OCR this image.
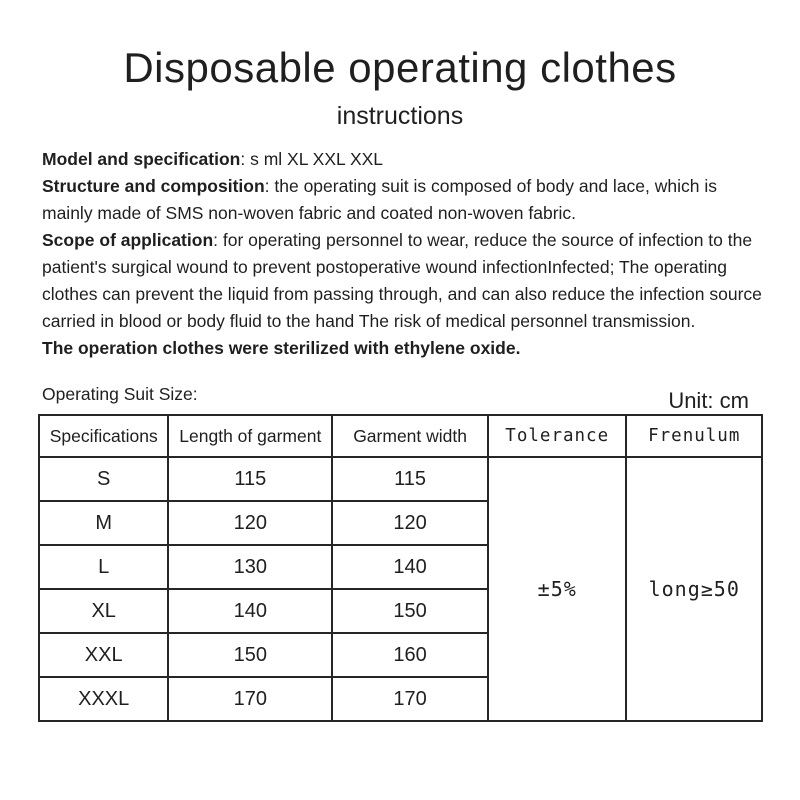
Disposable operating clothes
instructions

Model and specification: s ml XL XXL XXL

Structure and composition: the operating suit is composed of body and lace, which is mainly made of SMS non-woven fabric and coated non-woven fabric.

Scope of application: for operating personnel to wear, reduce the source of infection to the patient's surgical wound to prevent postoperative wound infectionInfected; The operating clothes can prevent the liquid from passing through, and can also reduce the infection source carried in blood or body fluid to the hand The risk of medical personnel transmission.

The operation clothes were sterilized with ethylene oxide.

Operating Suit Size:	Unit: cm
Specifications	Length of garment	Garment width	Tolerance	Frenulum
S	115	115	±5%	long≥50
M	120	120		
L	130	140		
XL	140	150		
XXL	150	160		
XXXL	170	170		
